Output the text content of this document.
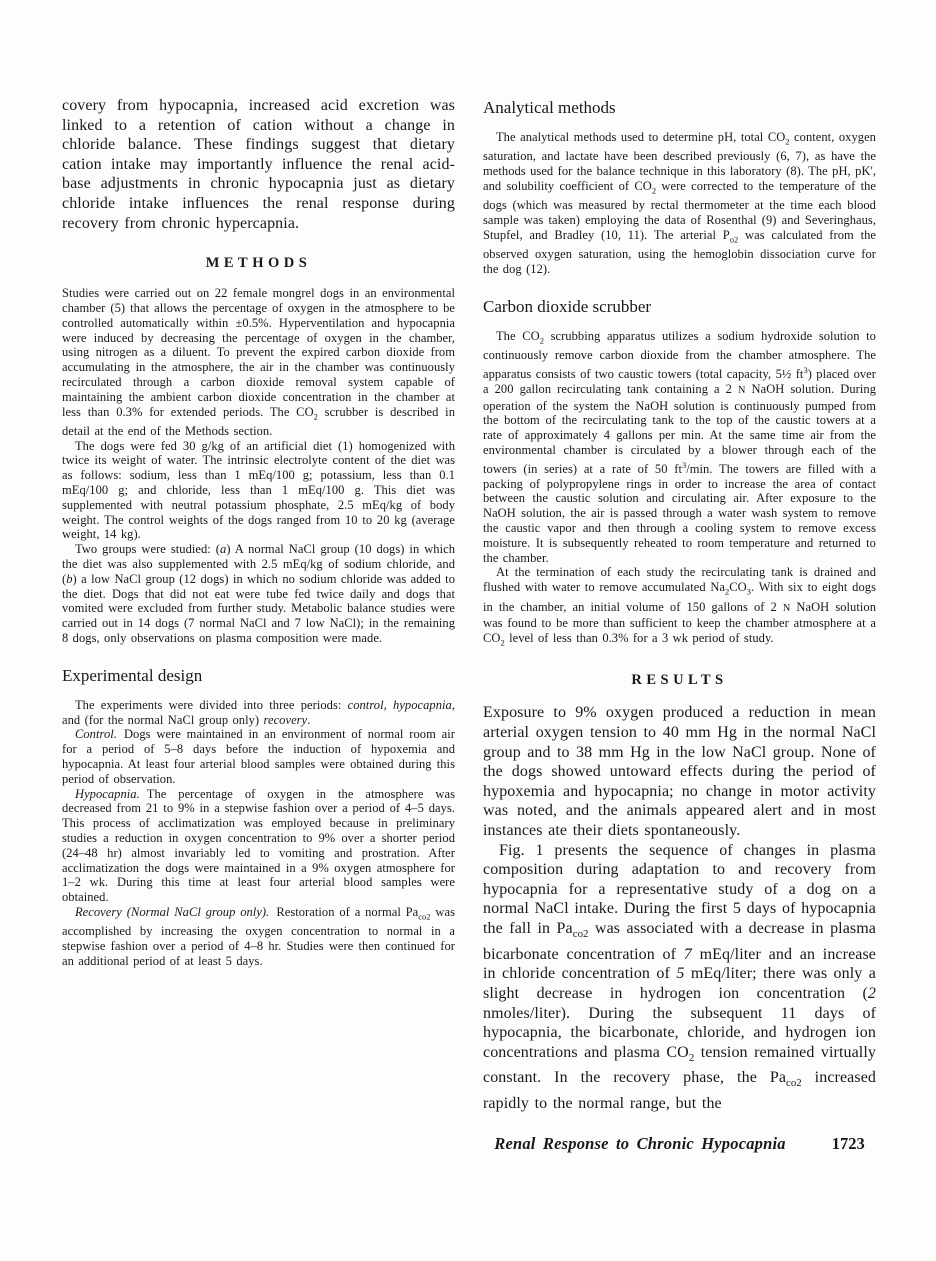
covery from hypocapnia, increased acid excretion was linked to a retention of cation without a change in chloride balance. These findings suggest that dietary cation intake may importantly influence the renal acid-base adjustments in chronic hypocapnia just as dietary chloride intake influences the renal response during recovery from chronic hypercapnia.

METHODS

Studies were carried out on 22 female mongrel dogs in an environmental chamber (5) that allows the percentage of oxygen in the atmosphere to be controlled automatically within ±0.5%. Hyperventilation and hypocapnia were induced by decreasing the percentage of oxygen in the chamber, using nitrogen as a diluent. To prevent the expired carbon dioxide from accumulating in the atmosphere, the air in the chamber was continuously recirculated through a carbon dioxide removal system capable of maintaining the ambient carbon dioxide concentration in the chamber at less than 0.3% for extended periods. The $CO_2$ scrubber is described in detail at the end of the Methods section.

The dogs were fed 30 g/kg of an artificial diet (1) homogenized with twice its weight of water. The intrinsic electrolyte content of the diet was as follows: sodium, less than 1 mEq/100 g; potassium, less than 0.1 mEq/100 g; and chloride, less than 1 mEq/100 g. This diet was supplemented with neutral potassium phosphate, 2.5 mEq/kg of body weight. The control weights of the dogs ranged from 10 to 20 kg (average weight, 14 kg).

Two groups were studied: (a) A normal NaCl group (10 dogs) in which the diet was also supplemented with 2.5 mEq/kg of sodium chloride, and (b) a low NaCl group (12 dogs) in which no sodium chloride was added to the diet. Dogs that did not eat were tube fed twice daily and dogs that vomited were excluded from further study. Metabolic balance studies were carried out in 14 dogs (7 normal NaCl and 7 low NaCl); in the remaining 8 dogs, only observations on plasma composition were made.

Experimental design

The experiments were divided into three periods: control, hypocapnia, and (for the normal NaCl group only) recovery.

Control. Dogs were maintained in an environment of normal room air for a period of 5–8 days before the induction of hypoxemia and hypocapnia. At least four arterial blood samples were obtained during this period of observation.

Hypocapnia. The percentage of oxygen in the atmosphere was decreased from 21 to 9% in a stepwise fashion over a period of 4–5 days. This process of acclimatization was employed because in preliminary studies a reduction in oxygen concentration to 9% over a shorter period (24–48 hr) almost invariably led to vomiting and prostration. After acclimatization the dogs were maintained in a 9% oxygen atmosphere for 1–2 wk. During this time at least four arterial blood samples were obtained.

Recovery (Normal NaCl group only). Restoration of a normal $Pa_{co2}$ was accomplished by increasing the oxygen concentration to normal in a stepwise fashion over a period of 4–8 hr. Studies were then continued for an additional period of at least 5 days.

Analytical methods

The analytical methods used to determine pH, total $CO_2$ content, oxygen saturation, and lactate have been described previously (6, 7), as have the methods used for the balance technique in this laboratory (8). The pH, pK', and solubility coefficient of $CO_2$ were corrected to the temperature of the dogs (which was measured by rectal thermometer at the time each blood sample was taken) employing the data of Rosenthal (9) and Severinghaus, Stupfel, and Bradley (10, 11). The arterial $P_{o2}$ was calculated from the observed oxygen saturation, using the hemoglobin dissociation curve for the dog (12).

Carbon dioxide scrubber

The $CO_2$ scrubbing apparatus utilizes a sodium hydroxide solution to continuously remove carbon dioxide from the chamber atmosphere. The apparatus consists of two caustic towers (total capacity, 5½ $ft^3$) placed over a 200 gallon recirculating tank containing a 2 N NaOH solution. During operation of the system the NaOH solution is continuously pumped from the bottom of the recirculating tank to the top of the caustic towers at a rate of approximately 4 gallons per min. At the same time air from the environmental chamber is circulated by a blower through each of the towers (in series) at a rate of 50 $ft^3/\min$. The towers are filled with a packing of polypropylene rings in order to increase the area of contact between the caustic solution and circulating air. After exposure to the NaOH solution, the air is passed through a water wash system to remove the caustic vapor and then through a cooling system to remove excess moisture. It is subsequently reheated to room temperature and returned to the chamber.

At the termination of each study the recirculating tank is drained and flushed with water to remove accumulated $Na_2CO_3$. With six to eight dogs in the chamber, an initial volume of 150 gallons of 2 N NaOH solution was found to be more than sufficient to keep the chamber atmosphere at a $CO_2$ level of less than 0.3% for a 3 wk period of study.

RESULTS

Exposure to 9% oxygen produced a reduction in mean arterial oxygen tension to 40 mm Hg in the normal NaCl group and to 38 mm Hg in the low NaCl group. None of the dogs showed untoward effects during the period of hypoxemia and hypocapnia; no change in motor activity was noted, and the animals appeared alert and in most instances ate their diets spontaneously.

Fig. 1 presents the sequence of changes in plasma composition during adaptation to and recovery from hypocapnia for a representative study of a dog on a normal NaCl intake. During the first 5 days of hypocapnia the fall in $Pa_{co2}$ was associated with a decrease in plasma bicarbonate concentration of 7 mEq/liter and an increase in chloride concentration of 5 mEq/liter; there was only a slight decrease in hydrogen ion concentration (2 nmoles/liter). During the subsequent 11 days of hypocapnia, the bicarbonate, chloride, and hydrogen ion concentrations and plasma $CO_2$ tension remained virtually constant. In the recovery phase, the $Pa_{co2}$ increased rapidly to the normal range, but the

Renal Response to Chronic Hypocapnia	1723
